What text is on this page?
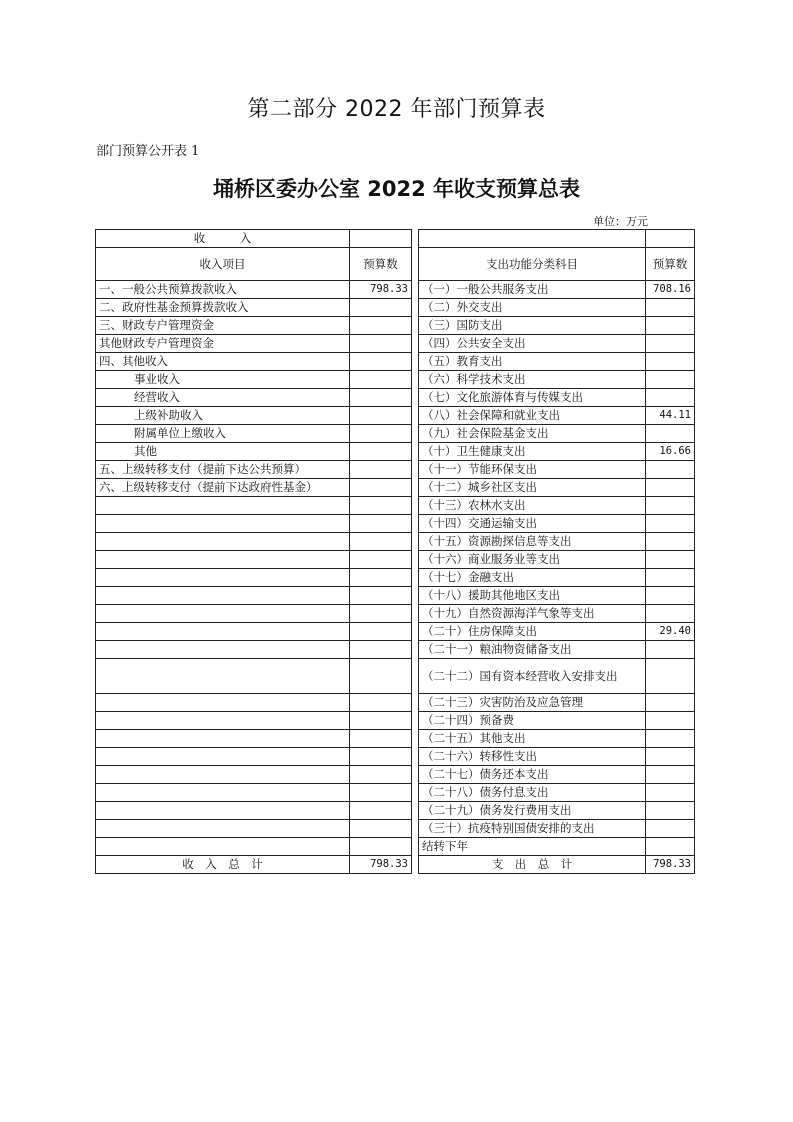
第二部分 2022 年部门预算表
部门预算公开表 1
埇桥区委办公室 2022 年收支预算总表
单位：万元
收　　　入				
收入项目	预算数		支出功能分类科目	预算数
一、一般公共预算拨款收入	798.33		（一）一般公共服务支出	708.16
二、政府性基金预算拨款收入			（二）外交支出	
三、财政专户管理资金			（三）国防支出	
其他财政专户管理资金			（四）公共安全支出	
四、其他收入			（五）教育支出	
事业收入			（六）科学技术支出	
经营收入			（七）文化旅游体育与传媒支出	
上级补助收入			（八）社会保障和就业支出	44.11
附属单位上缴收入			（九）社会保险基金支出	
其他			（十）卫生健康支出	16.66
五、上级转移支付（提前下达公共预算）			（十一）节能环保支出	
六、上级转移支付（提前下达政府性基金）			（十二）城乡社区支出	
			（十三）农林水支出	
			（十四）交通运输支出	
			（十五）资源勘探信息等支出	
			（十六）商业服务业等支出	
			（十七）金融支出	
			（十八）援助其他地区支出	
			（十九）自然资源海洋气象等支出	
			（二十）住房保障支出	29.40
			（二十一）粮油物资储备支出	
			（二十二）国有资本经营收入安排支出	
			（二十三）灾害防治及应急管理	
			（二十四）预备费	
			（二十五）其他支出	
			（二十六）转移性支出	
			（二十七）债务还本支出	
			（二十八）债务付息支出	
			（二十九）债务发行费用支出	
			（三十）抗疫特别国债安排的支出	
			结转下年	
收　入　总　计	798.33		支　出　总　计	798.33
